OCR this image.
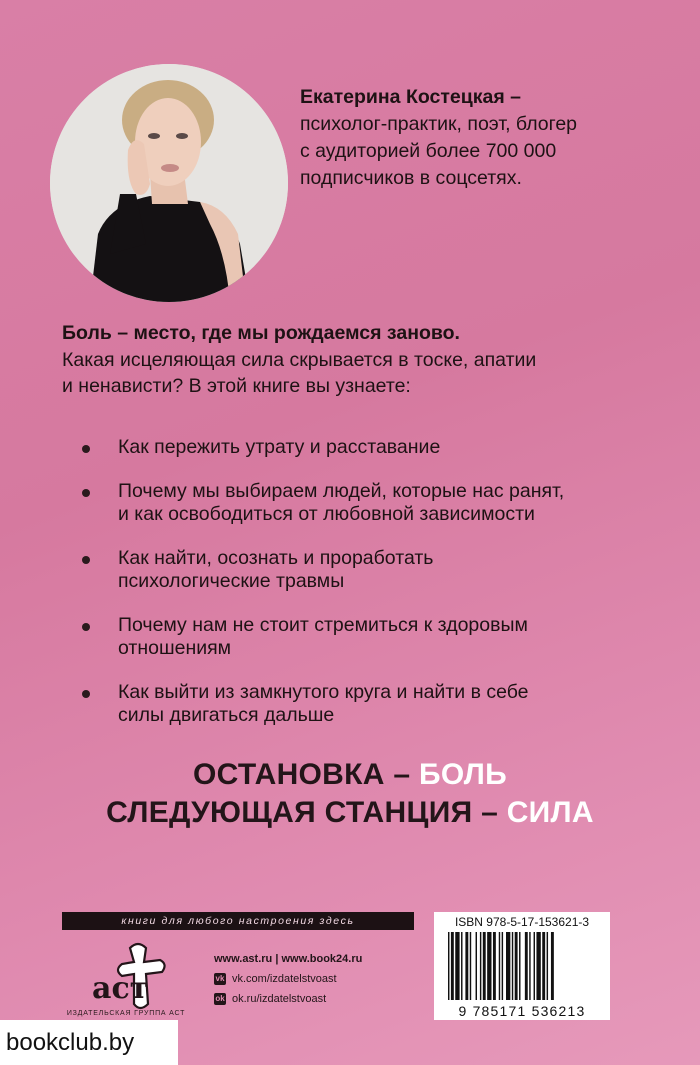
Екатерина Костецкая –
психолог-практик, поэт, блогер
с аудиторией более 700 000
подписчиков в соцсетях.
Боль – место, где мы рождаемся заново.
Какая исцеляющая сила скрывается в тоске, апатии
и ненависти? В этой книге вы узнаете:
Как пережить утрату и расставание
Почему мы выбираем людей, которые нас ранят,
и как освободиться от любовной зависимости
Как найти, осознать и проработать
психологические травмы
Почему нам не стоит стремиться к здоровым
отношениям
Как выйти из замкнутого круга и найти в себе
силы двигаться дальше
ОСТАНОВКА – БОЛЬ
СЛЕДУЮЩАЯ СТАНЦИЯ – СИЛА
книги для любого настроения здесь
аст
ИЗДАТЕЛЬСКАЯ ГРУППА АСТ
www.ast.ru | www.book24.ru
vk vk.com/izdatelstvoast
ok ok.ru/izdatelstvoast
ISBN 978-5-17-153621-3
9 785171 536213
bookclub.by
